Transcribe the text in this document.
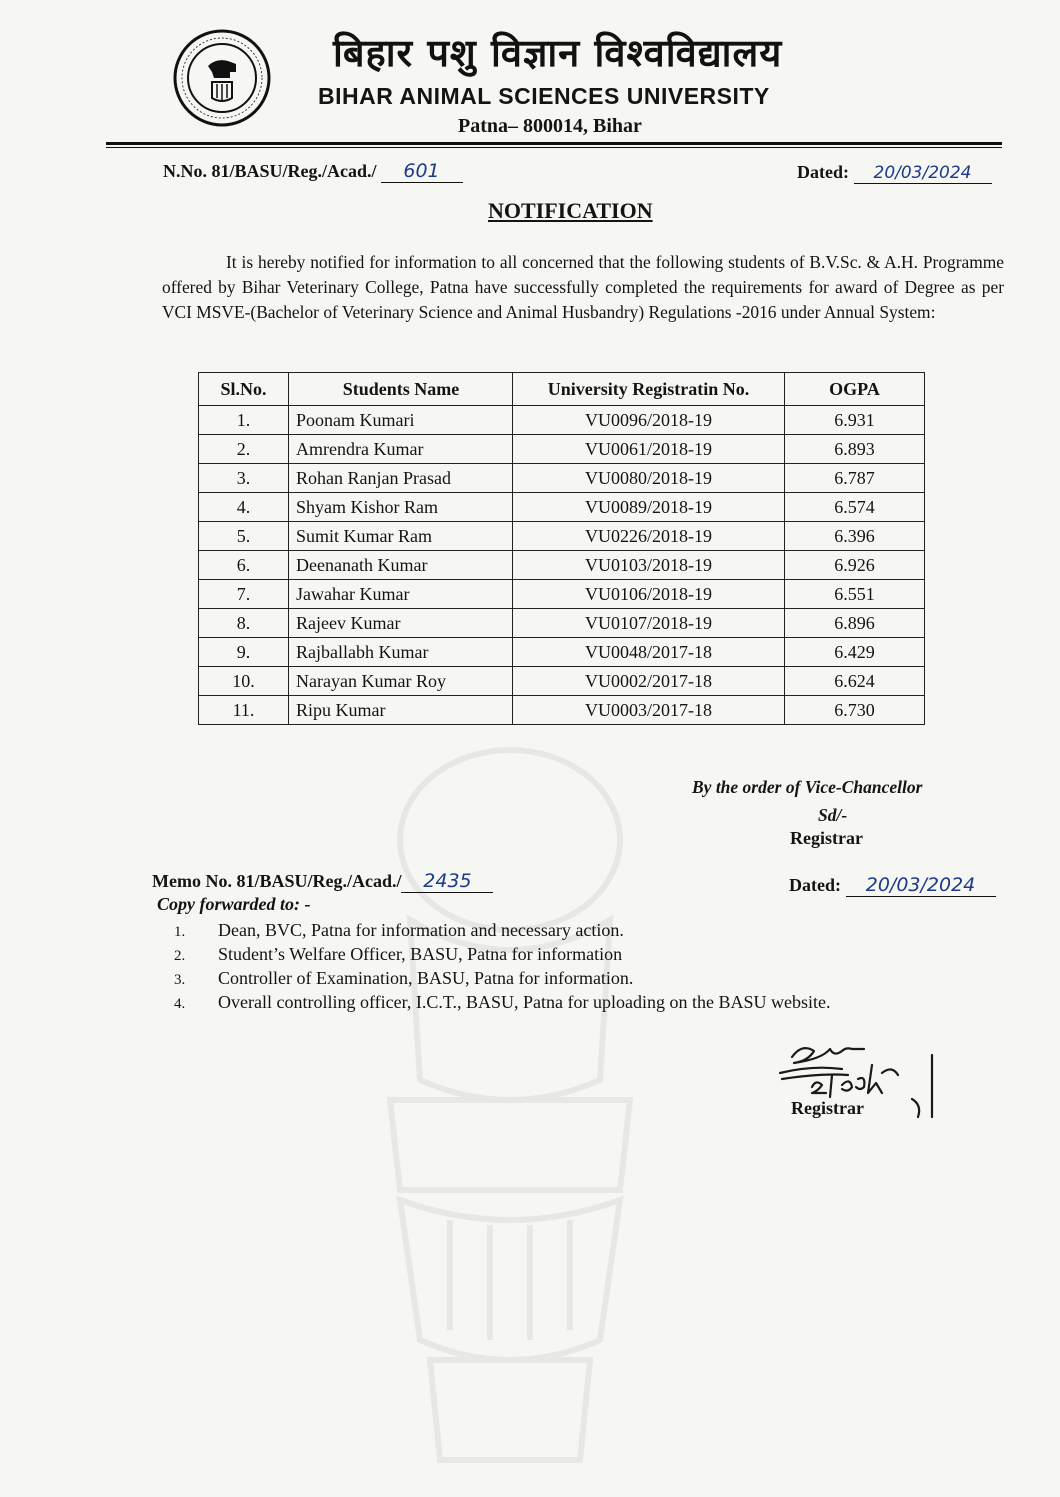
बिहार पशु विज्ञान विश्वविद्यालय
BIHAR ANIMAL SCIENCES UNIVERSITY
Patna– 800014, Bihar
N.No. 81/BASU/Reg./Acad./ 601	Dated: 20/03/2024
NOTIFICATION
It is hereby notified for information to all concerned that the following students of B.V.Sc. & A.H. Programme offered by Bihar Veterinary College, Patna have successfully completed the requirements for award of Degree as per VCI MSVE-(Bachelor of Veterinary Science and Animal Husbandry) Regulations -2016 under Annual System:
Sl.No.	Students Name	University Registratin No.	OGPA
1.	Poonam Kumari	VU0096/2018-19	6.931
2.	Amrendra Kumar	VU0061/2018-19	6.893
3.	Rohan Ranjan Prasad	VU0080/2018-19	6.787
4.	Shyam Kishor Ram	VU0089/2018-19	6.574
5.	Sumit Kumar Ram	VU0226/2018-19	6.396
6.	Deenanath Kumar	VU0103/2018-19	6.926
7.	Jawahar Kumar	VU0106/2018-19	6.551
8.	Rajeev Kumar	VU0107/2018-19	6.896
9.	Rajballabh Kumar	VU0048/2017-18	6.429
10.	Narayan Kumar Roy	VU0002/2017-18	6.624
11.	Ripu Kumar	VU0003/2017-18	6.730
By the order of Vice-Chancellor
Sd/-
Registrar
Memo No. 81/BASU/Reg./Acad./ 2435	Dated: 20/03/2024
Copy forwarded to: -
1. Dean, BVC, Patna for information and necessary action.
2. Student’s Welfare Officer, BASU, Patna for information
3. Controller of Examination, BASU, Patna for information.
4. Overall controlling officer, I.C.T., BASU, Patna for uploading on the BASU website.
Registrar
